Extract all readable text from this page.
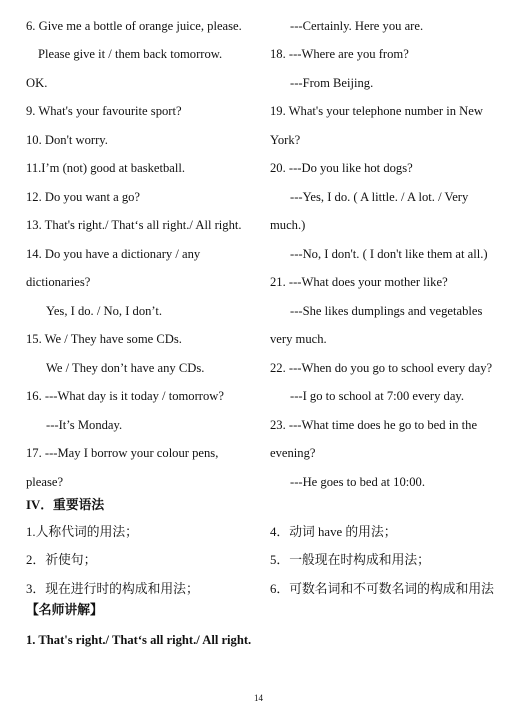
6. Give me a bottle of orange juice, please.
Please give it / them back tomorrow.
OK.
9. What's your favourite sport?
10. Don't worry.
11.I’m (not) good at basketball.
12. Do you want a go?
13. That's right./ That‘s all right./ All right.
14. Do you have a dictionary / any
dictionaries?
Yes, I do. / No, I don’t.
15. We / They have some CDs.
We / They don’t have any CDs.
16. ---What day is it today / tomorrow?
---It’s Monday.
17. ---May I borrow your colour pens,
please?
---Certainly. Here you are.
18. ---Where are you from?
---From Beijing.
19. What's your telephone number in New
York?
20. ---Do you like hot dogs?
---Yes, I do. ( A little. / A lot. / Very
much.)
---No, I don't. ( I don't like them at all.)
21. ---What does your mother like?
---She likes dumplings and vegetables
very much.
22. ---When do you go to school every day?
---I go to school at 7:00 every day.
23. ---What time does he go to bed in the
evening?
---He goes to bed at 10:00.
IV．重要语法
1.人称代词的用法；
2．祈使句；
3．现在进行时的构成和用法；
4．动词 have 的用法；
5．一般现在时构成和用法；
6．可数名词和不可数名词的构成和用法
【名师讲解】
1. That's right./ That‘s all right./ All right.
14
